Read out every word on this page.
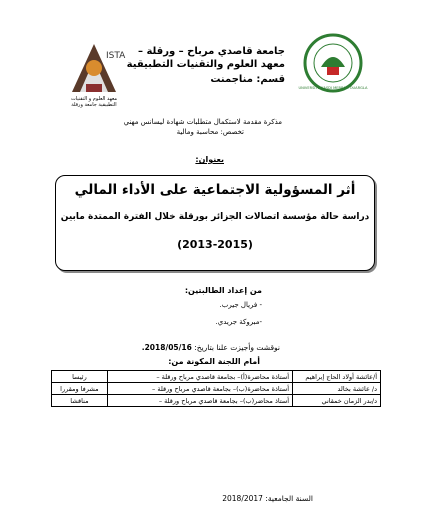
ISTA
معهد العلوم و التقنيات التطبيقية جامعة ورقلة
جامعة قاصدي مرباح – ورقلة –
معهد العلوم والتقنيات التطبيقية
قسم: مناجمنت
UNIVERSITE KASDI MERBAH OUARGLA
مذكرة مقدمة لاستكمال متطلبات شهادة ليسانس مهني
تخصص: محاسبة ومالية
بعنوان:
أثر المسؤولية الاجتماعية على الأداء المالي
دراسة حالة مؤسسة اتصالات الجزائر بورقلة خلال الفترة الممتدة مابين
(2013-2015)
من إعداد الطالبتين:
- فريال جيرب.
-مبروكة جريدي.
نوقشت وأجيزت علنا بتاريخ: 2018/05/16.
أمام اللجنة المكونة من:
أ/عائشة أولاد الحاج إبراهيم	أستاذة محاضرة(أ)– بجامعة قاصدي مرباح ورقلة –	رئيسا
د/ عائشة بخالد	أستاذة محاضرة(ب)– بجامعة قاصدي مرباح ورقلة –	مشرفا ومقررا
د/بدر الزمان خمقاني	أستاذ محاضر(ب)– بجامعة قاصدي مرباح ورقلة –	مناقشا
السنة الجامعية: 2018/2017
